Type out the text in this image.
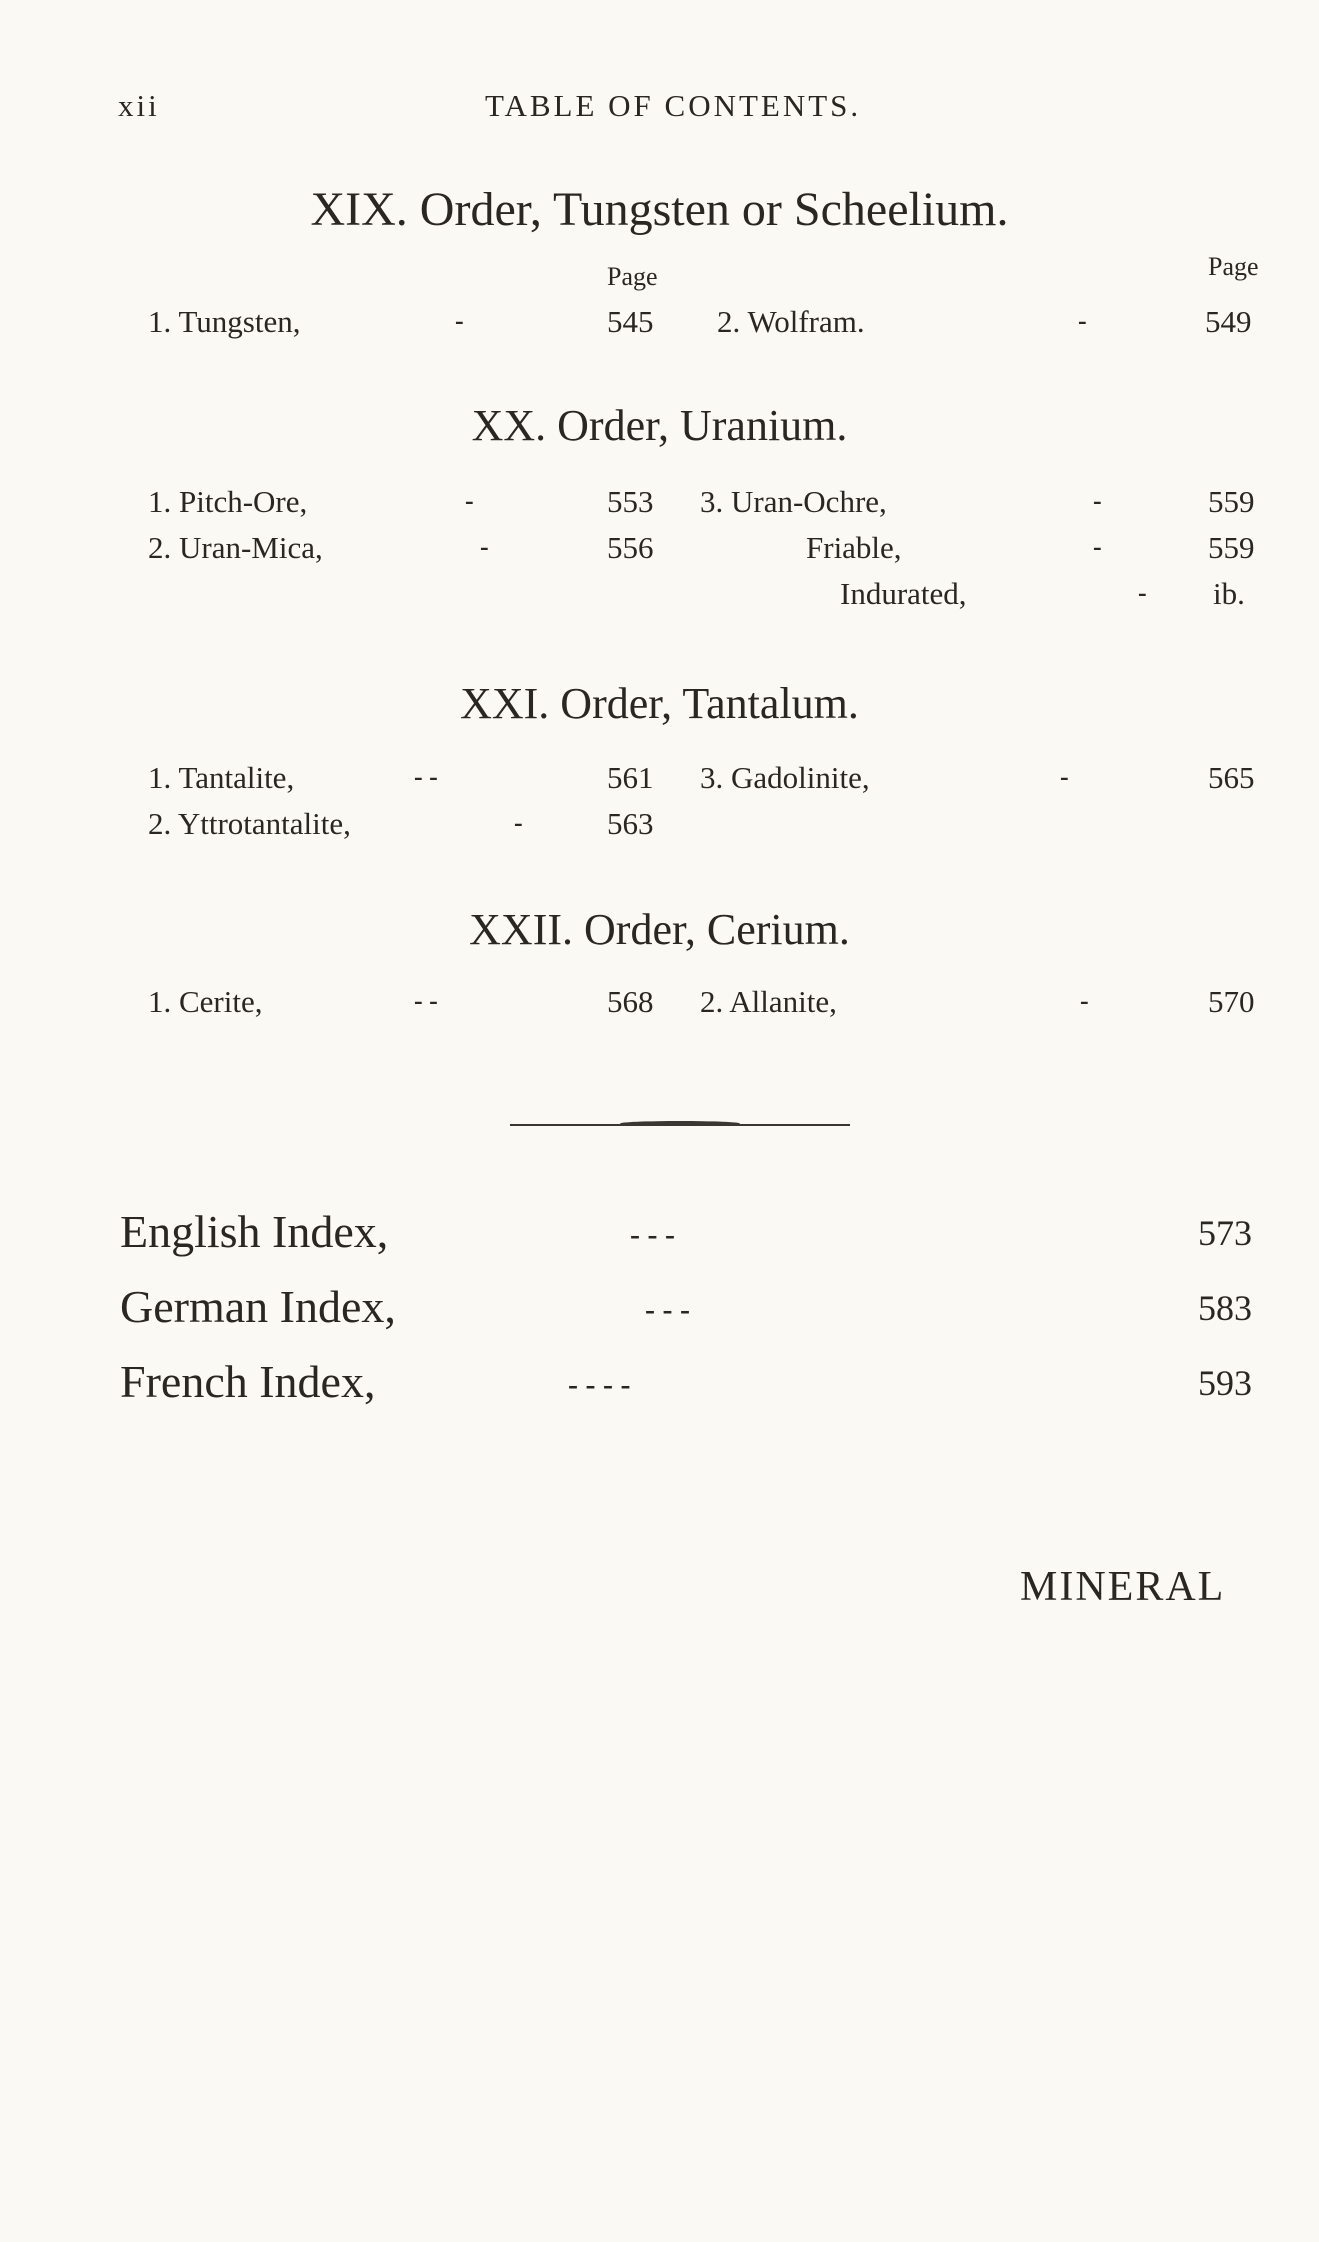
xii	TABLE OF CONTENTS.
XIX. Order, Tungsten or Scheelium.
Page	Page
1. Tungsten,	-	545 2. Wolfram.	-	549
XX. Order, Uranium.
1. Pitch-Ore,	-	553 3. Uran-Ochre,	-	559
2. Uran-Mica,	-	556	Friable,	-	559
Indurated,	- ib.
XXI. Order, Tantalum.
1. Tantalite,	- -	561 3. Gadolinite,	-	565
2. Yttrotantalite,	-	563
XXII. Order, Cerium.
1. Cerite,	- -	568 2. Allanite,	-	570
English Index,	- - -	573
German Index,	- - -	583
French Index,	- - - -	593
MINERAL
